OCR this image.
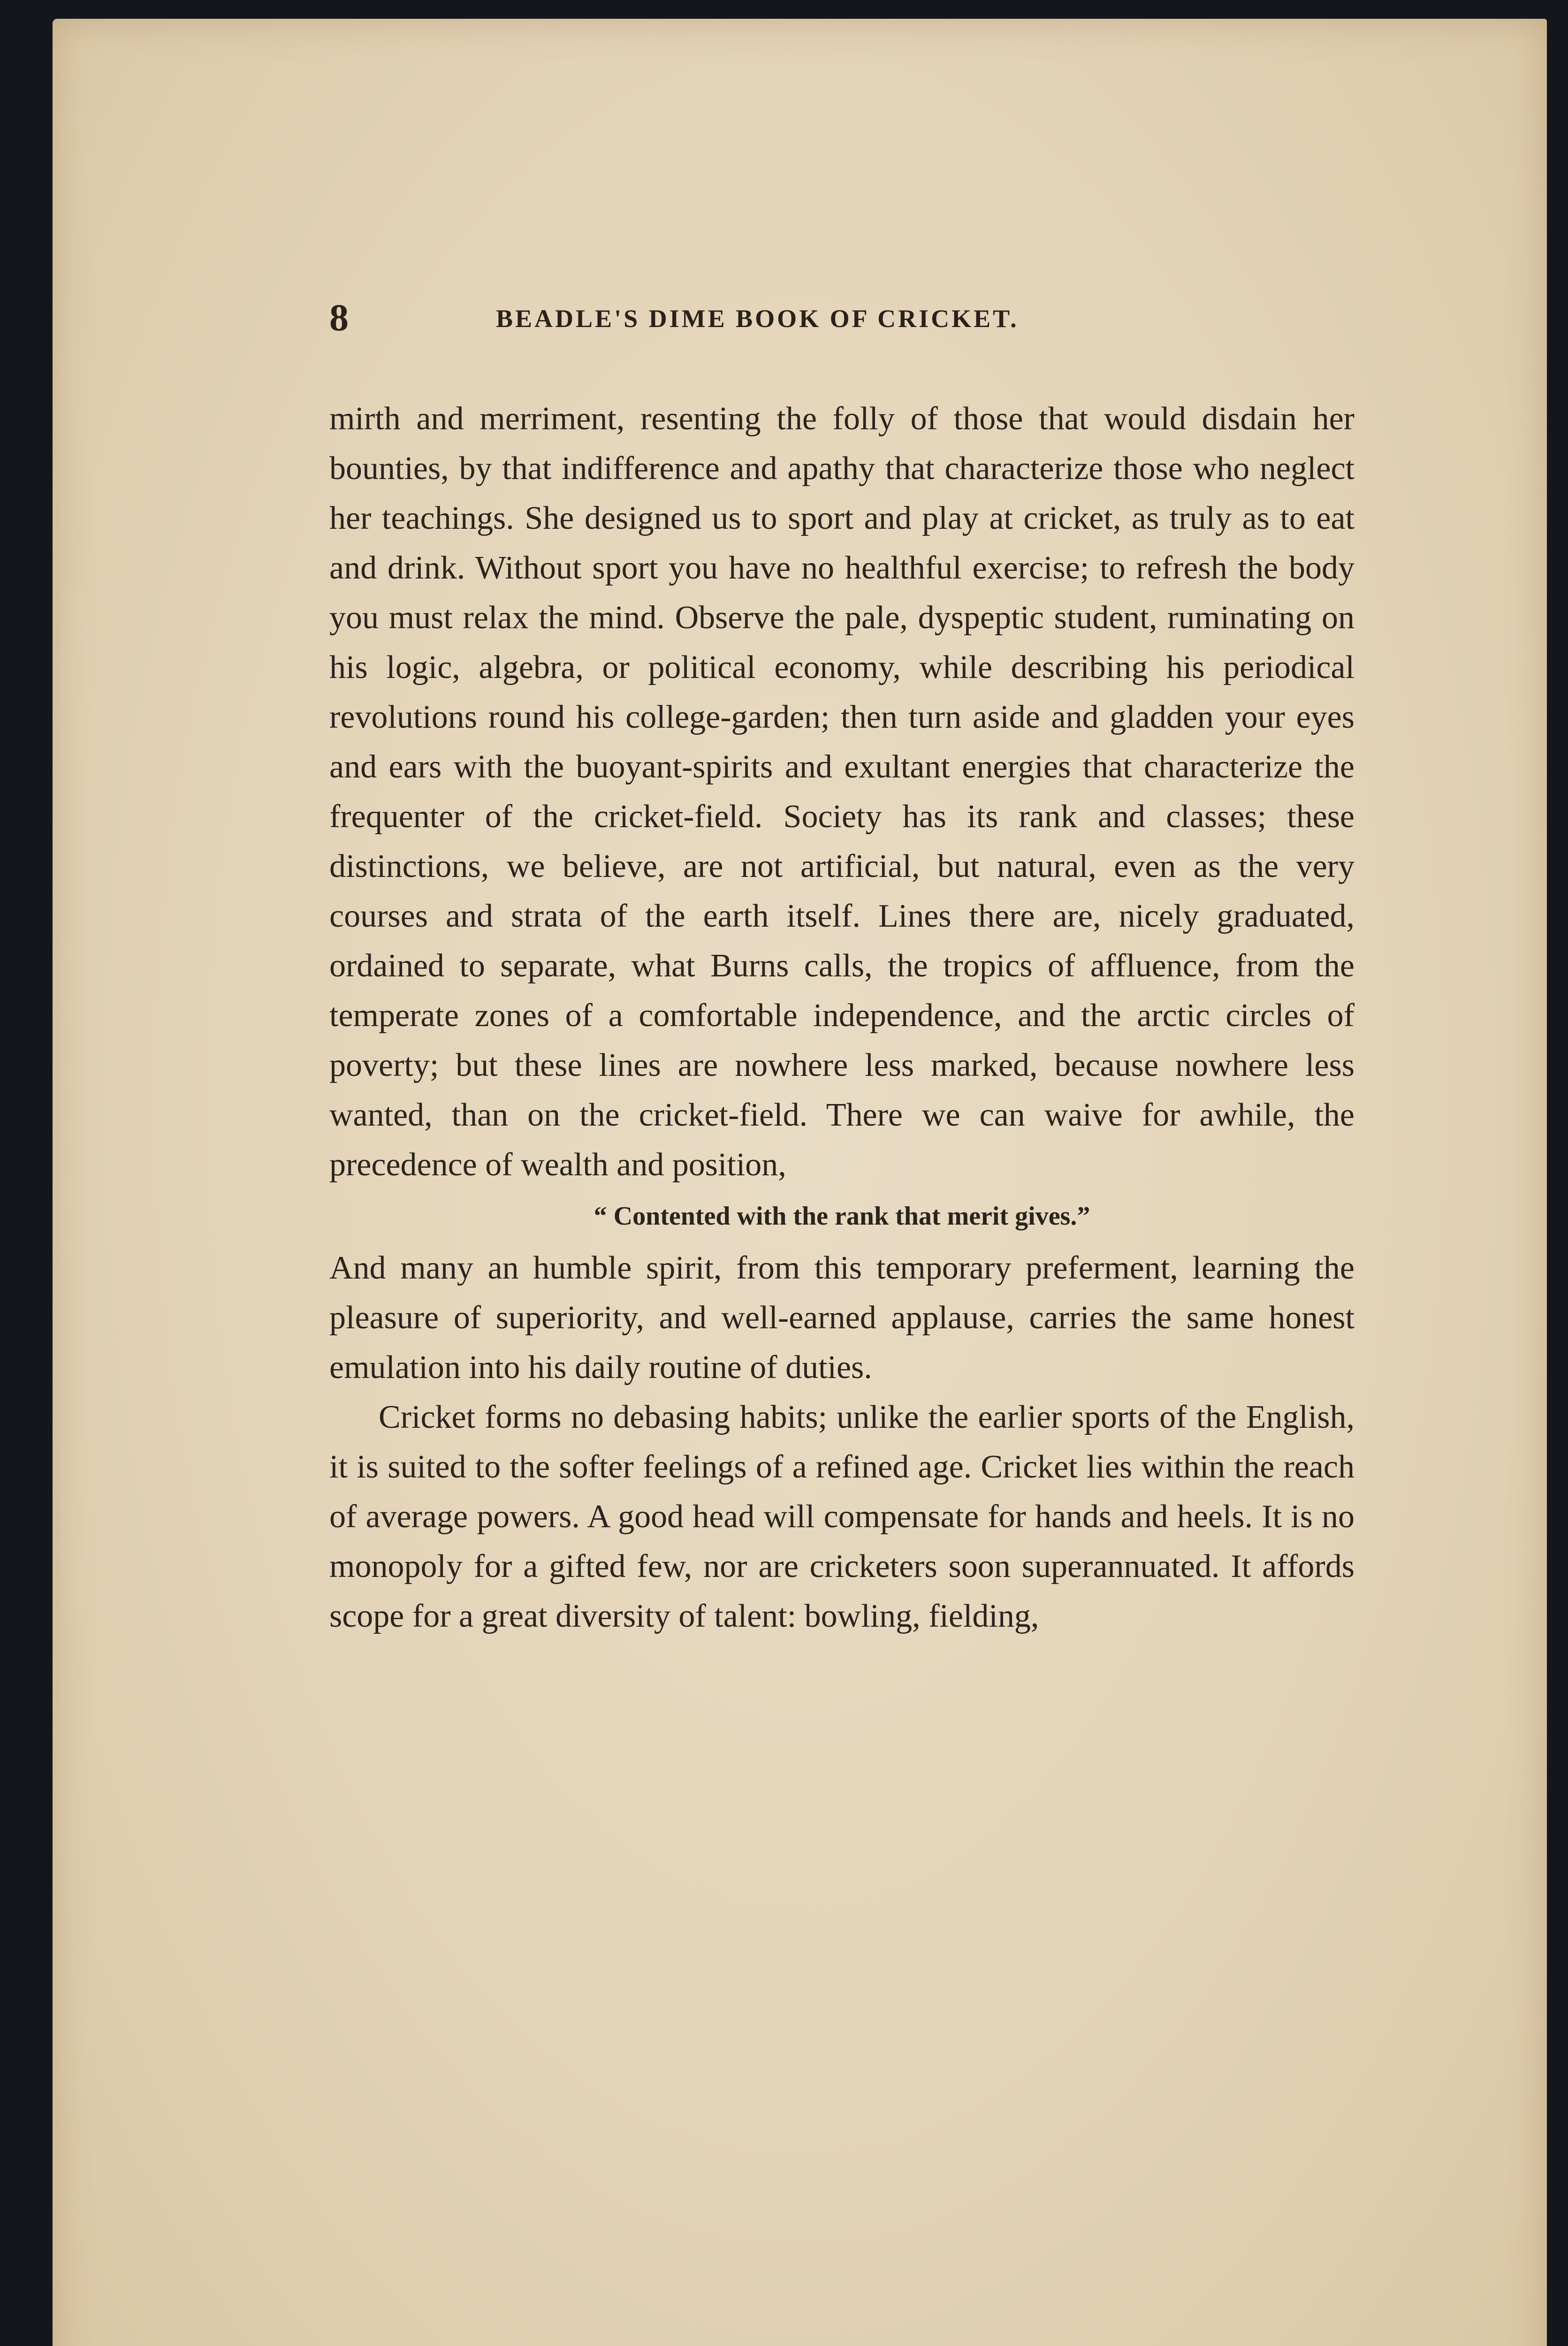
8	BEADLE'S DIME BOOK OF CRICKET.

mirth and merriment, resenting the folly of those that would disdain her bounties, by that indifference and apathy that characterize those who neglect her teachings. She designed us to sport and play at cricket, as truly as to eat and drink. Without sport you have no healthful exercise; to refresh the body you must relax the mind. Observe the pale, dyspeptic student, ruminating on his logic, algebra, or political economy, while describing his periodical revolutions round his college-garden; then turn aside and gladden your eyes and ears with the buoyant-spirits and exultant energies that characterize the frequenter of the cricket-field. Society has its rank and classes; these distinctions, we believe, are not artificial, but natural, even as the very courses and strata of the earth itself. Lines there are, nicely graduated, ordained to separate, what Burns calls, the tropics of affluence, from the temperate zones of a comfortable independence, and the arctic circles of poverty; but these lines are nowhere less marked, because nowhere less wanted, than on the cricket-field. There we can waive for awhile, the precedence of wealth and position,

“ Contented with the rank that merit gives.”

And many an humble spirit, from this temporary preferment, learning the pleasure of superiority, and well-earned applause, carries the same honest emulation into his daily routine of duties.

Cricket forms no debasing habits; unlike the earlier sports of the English, it is suited to the softer feelings of a refined age. Cricket lies within the reach of average powers. A good head will compensate for hands and heels. It is no monopoly for a gifted few, nor are cricketers soon superannuated. It affords scope for a great diversity of talent: bowling, fielding,
